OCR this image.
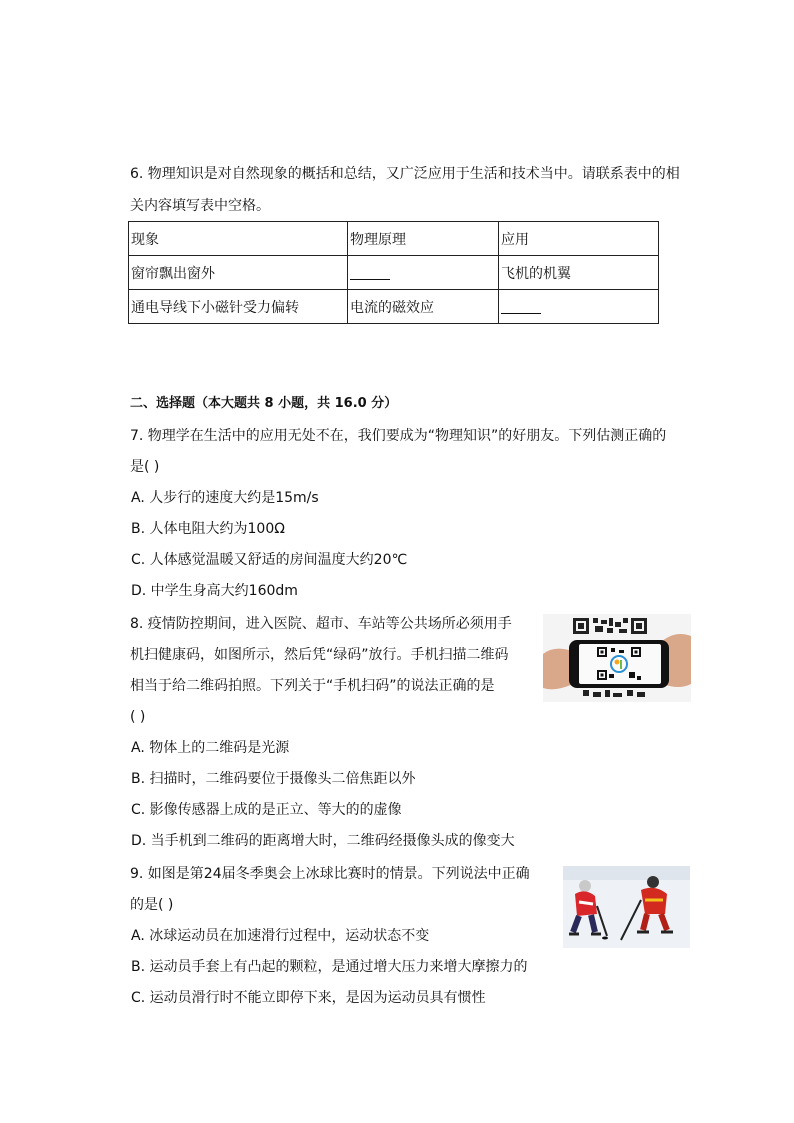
6. 物理知识是对自然现象的概括和总结，又广泛应用于生活和技术当中。请联系表中的相
关内容填写表中空格。
现象	物理原理	应用
窗帘飘出窗外		飞机的机翼
通电导线下小磁针受力偏转	电流的磁效应	
二、选择题（本大题共 8 小题，共 16.0 分）
7. 物理学在生活中的应用无处不在，我们要成为“物理知识”的好朋友。下列估测正确的
是( )
A. 人步行的速度大约是15m/s
B. 人体电阻大约为100Ω
C. 人体感觉温暖又舒适的房间温度大约20℃
D. 中学生身高大约160dm
8. 疫情防控期间，进入医院、超市、车站等公共场所必须用手
机扫健康码，如图所示，然后凭“绿码”放行。手机扫描二维码
相当于给二维码拍照。下列关于“手机扫码”的说法正确的是
( )
A. 物体上的二维码是光源
B. 扫描时，二维码要位于摄像头二倍焦距以外
C. 影像传感器上成的是正立、等大的的虚像
D. 当手机到二维码的距离增大时，二维码经摄像头成的像变大
9. 如图是第24届冬季奥会上冰球比赛时的情景。下列说法中正确
的是( )
A. 冰球运动员在加速滑行过程中，运动状态不变
B. 运动员手套上有凸起的颗粒，是通过增大压力来增大摩擦力的
C. 运动员滑行时不能立即停下来，是因为运动员具有惯性
